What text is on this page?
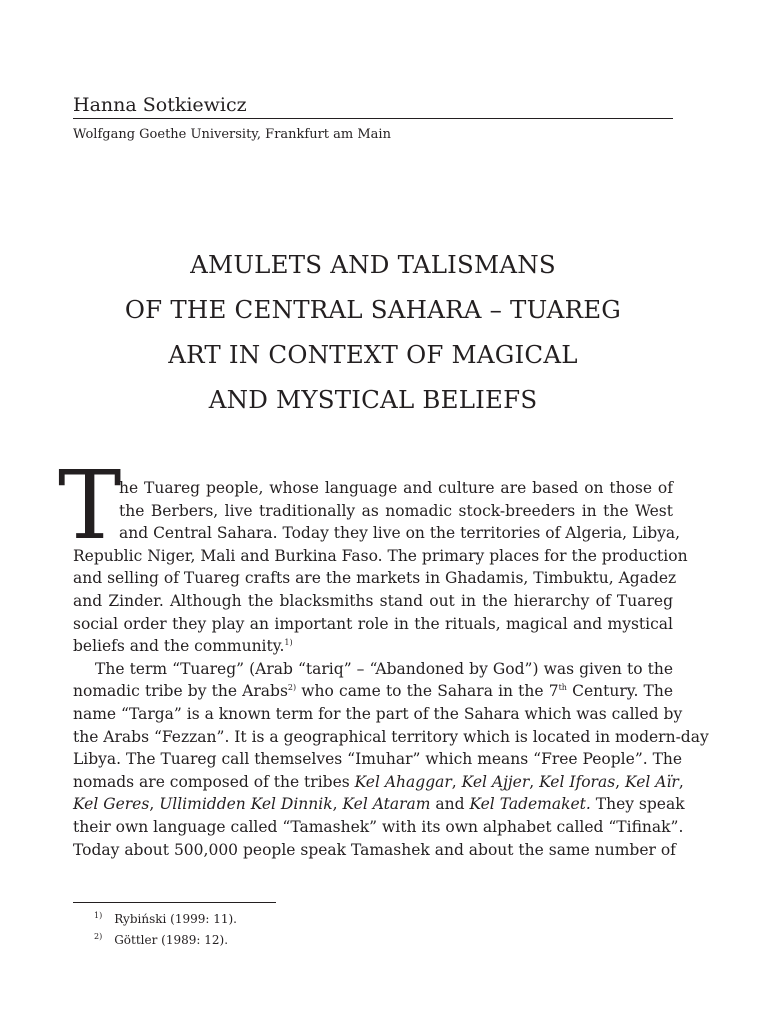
Hanna Sotkiewicz
Wolfgang Goethe University, Frankfurt am Main
AMULETS AND TALISMANS
OF THE CENTRAL SAHARA – TUAREG
ART IN CONTEXT OF MAGICAL
AND MYSTICAL BELIEFS
T
he Tuareg people, whose language and culture are based on those of
the Berbers, live traditionally as nomadic stock-breeders in the West
and Central Sahara. Today they live on the territories of Algeria, Libya,
Republic Niger, Mali and Burkina Faso. The primary places for the production
and selling of Tuareg crafts are the markets in Ghadamis, Timbuktu, Agadez
and Zinder. Although the blacksmiths stand out in the hierarchy of Tuareg
social order they play an important role in the rituals, magical and mystical
beliefs and the community.$^{1)}$
The term “Tuareg” (Arab “tariq” – “Abandoned by God”) was given to the
nomadic tribe by the Arabs$^{2)}$ who came to the Sahara in the 7th Century. The
name “Targa” is a known term for the part of the Sahara which was called by
the Arabs “Fezzan”. It is a geographical territory which is located in modern-day
Libya. The Tuareg call themselves “Imuhar” which means “Free People”. The
nomads are composed of the tribes Kel Ahaggar, Kel Ajjer, Kel Iforas, Kel Aïr,
Kel Geres, Ullimidden Kel Dinnik, Kel Ataram and Kel Tademaket. They speak
their own language called “Tamashek” with its own alphabet called “Tifinak”.
Today about 500,000 people speak Tamashek and about the same number of
$^{1)}$ Rybiński (1999: 11).
$^{2)}$ Göttler (1989: 12).
